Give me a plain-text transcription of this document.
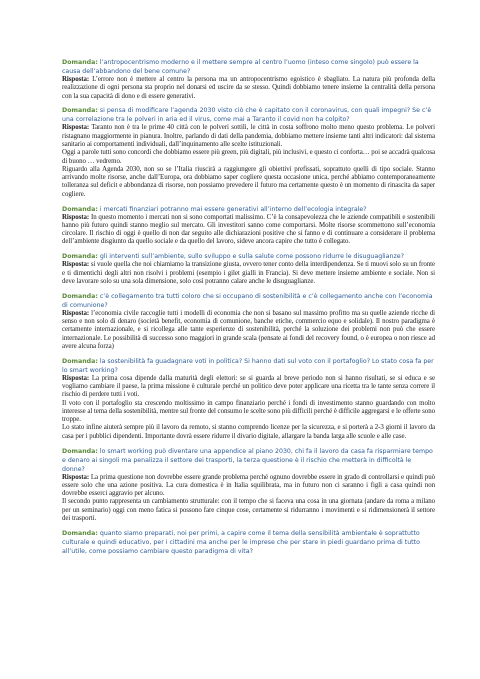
Domanda: l’antropocentrismo moderno e il mettere sempre al centro l’uomo (inteso come singolo) può essere la causa dell’abbandono del bene comune?

Risposta: L’errore non è mettere al centro la persona ma un antropocentrismo egoistico è sbagliato. La natura più profonda della realizzazione di ogni persona sta proprio nel donarsi ed uscire da se stesso. Quindi dobbiamo tenere insieme la centralità della persona con la sua capacità di dono e di essere generativi.

Domanda: si pensa di modificare l’agenda 2030 visto ciò che è capitato con il coronavirus, con quali impegni? Se c’è una correlazione tra le polveri in aria ed il virus, come mai a Taranto il covid non ha colpito?

Risposta: Taranto non è tra le prime 40 città con le polveri sottili, le città in costa soffrono molto meno questo problema. Le polveri ristagnano maggiormente in pianura. Inoltre, parlando di dati della pandemia, dobbiamo mettere insieme tanti altri indicatori: dal sistema sanitario ai comportamenti individuali, dall’inquinamento alle scelte istituzionali.

Oggi a parole tutti sono concordi che dobbiamo essere più green, più digitali, più inclusivi, e questo ci conforta… poi se accadrà qualcosa di buono … vedremo.

Riguardo alla Agenda 2030, non so se l’Italia riuscirà a raggiungere gli obiettivi prefissati, soprattuto quelli di tipo sociale. Stanno arrivando molte risorse, anche dall’Europa, ora dobbiamo saper cogliere questa occasione unica, perché abbiamo contemporaneamente tolleranza sul deficit e abbondanza di risorse, non possiamo prevedere il futuro ma certamente questo è un momento di rinascita da saper cogliere.

Domanda: i mercati finanziari potranno mai essere generativi all’interno dell’ecologia integrale?

Risposta: In questo momento i mercati non si sono comportati malissimo. C’è la consapevolezza che le aziende compatibili e sostenibili hanno più futuro quindi stanno meglio sul mercato. Gli investitori sanno come comportarsi. Molte risorse scommettono sull’economia circolare. Il rischio di oggi è quello di non dar seguito alle dichiarazioni positive che si fanno e di continuare a considerare il problema dell’ambiente disgiunto da quello sociale e da quello del lavoro, sideve ancora capire che tutto è collegato.

Domanda: gli interventi sull’ambiente, sullo sviluppo e sulla salute come possono ridurre le disuguaglianze?

Risposta: si vuole quella che noi chiamiamo la transizione giusta, ovvero tener conto della interdipendenza. Se ti muovi solo su un fronte e ti dimentichi degli altri non risolvi i problemi (esempio i gilet gialli in Francia). Si deve mettere insieme ambiente e sociale. Non si deve lavorare solo su una sola dimensione, solo così potranno calare anche le disuguaglianze.

Domanda: c’è collegamento tra tutti coloro che si occupano di sostenibilità e c’è collegamento anche con l’economia di comunione?

Risposta: l’economia civile raccoglie tutti i modelli di economia che non si basano sul massimo profitto ma su quelle aziende ricche di senso e non solo di denaro (società benefit, economia di comunione, banche etiche, commercio equo e solidale). Il nostro paradigma è certamente internazionale, e si ricollega alle tante esperienze di sostenibilità, perché la soluzione dei problemi non può che essere internazionale. Le possibilità di successo sono maggiori in grande scala (pensate ai fondi del recovery found, o è europea o non riesce ad avere alcuna forza)

Domanda: la sostenibilità fa guadagnare voti in politica? Si hanno dati sul voto con il portafoglio? Lo stato cosa fa per lo smart working?

Risposta: La prima cosa dipende dalla maturità degli elettori: se si guarda al breve periodo non si hanno risultati, se si educa e se vogliamo cambiare il paese, la prima missione è culturale perché un politico deve poter applicare una ricetta tra le tante senza correre il rischio di perdere tutti i voti.

Il voto con il portafoglio sta crescendo moltissimo in campo finanziario perché i fondi di investimento stanno guardando con molto interesse al tema della sostenibilità, mentre sul fronte del consumo le scelte sono più difficili perché è difficile aggregarsi e le offerte sono troppe.

Lo stato infine aiuterà sempre più il lavoro da remoto, si stanno comprendo licenze per la sicurezza, e si porterà a 2-3 giorni il lavoro da casa per i pubblici dipendenti. Importante dovrà essere ridurre il divario digitale, allargare la banda larga alle scuole e alle case.

Domanda: lo smart working può diventare una appendice al piano 2030, chi fa il lavoro da casa fa risparmiare tempo e denaro ai singoli ma penalizza il settore dei trasporti, la terza questione è il rischio che metterà in difficoltà le donne?

Risposta: La prima questione non dovrebbe essere grande problema perché ognuno dovrebbe essere in grado di controllarsi e quindi può essere solo che una azione positiva. La cura domestica è in Italia squilibrata, ma in futuro non ci saranno i figli a casa quindi non dovrebbe esserci aggravio per alcuno.

Il secondo punto rappresenta un cambiamento strutturale: con il tempo che si faceva una cosa in una giornata (andare da roma a milano per un seminario) oggi con meno fatica si possono fare cinque cose, certamente si ridurranno i movimenti e si ridimensionerà il settore dei trasporti.

Domanda: quanto siamo preparati, noi per primi, a capire come il tema della sensibilità ambientale è soprattutto culturale e quindi educativo, per i cittadini ma anche per le imprese che per stare in piedi guardano prima di tutto all’utile, come possiamo cambiare questo paradigma di vita?
